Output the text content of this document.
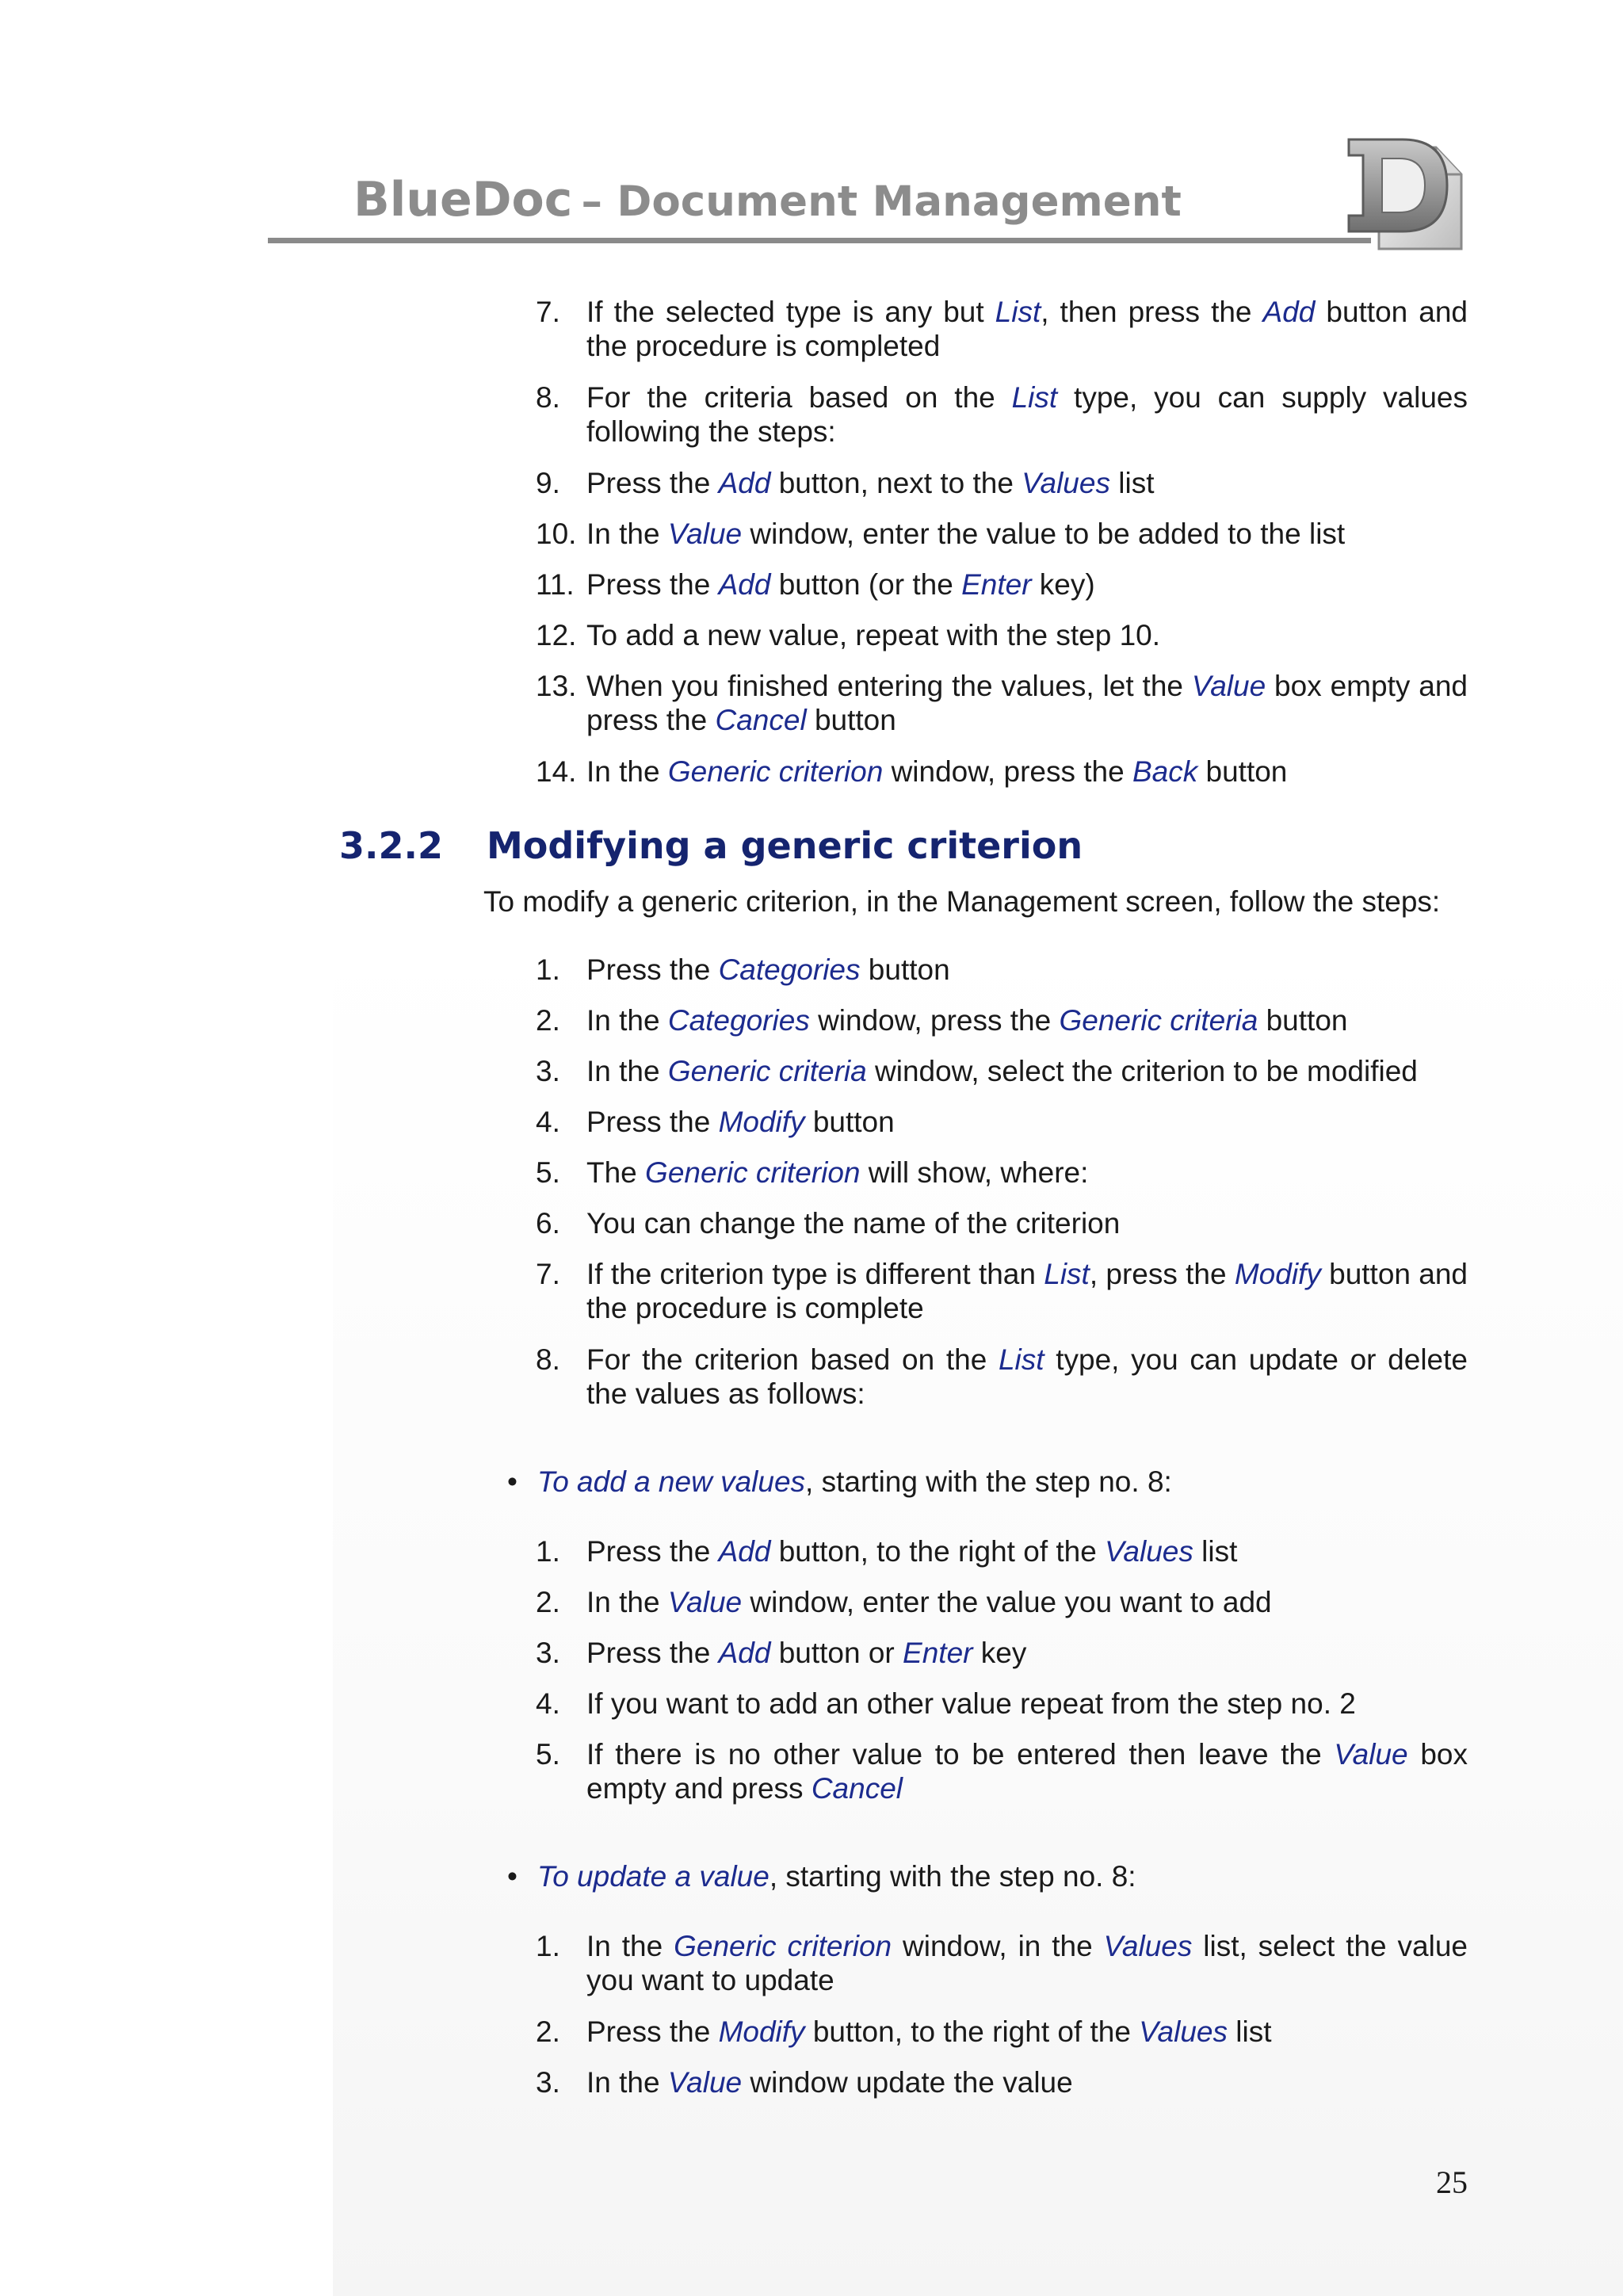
BlueDoc – Document Management
7. If the selected type is any but List, then press the Add button and the procedure is completed
8. For the criteria based on the List type, you can supply values following the steps:
9. Press the Add button, next to the Values list
10. In the Value window, enter the value to be added to the list
11. Press the Add button (or the Enter key)
12. To add a new value, repeat with the step 10.
13. When you finished entering the values, let the Value box empty and press the Cancel button
14. In the Generic criterion window, press the Back button
3.2.2 Modifying a generic criterion

To modify a generic criterion, in the Management screen, follow the steps:

1. Press the Categories button
2. In the Categories window, press the Generic criteria button
3. In the Generic criteria window, select the criterion to be modified
4. Press the Modify button
5. The Generic criterion will show, where:
6. You can change the name of the criterion
7. If the criterion type is different than List, press the Modify button and the procedure is complete
8. For the criterion based on the List type, you can update or delete the values as follows:
• To add a new values, starting with the step no. 8:
1. Press the Add button, to the right of the Values list
2. In the Value window, enter the value you want to add
3. Press the Add button or Enter key
4. If you want to add an other value repeat from the step no. 2
5. If there is no other value to be entered then leave the Value box empty and press Cancel
• To update a value, starting with the step no. 8:
1. In the Generic criterion window, in the Values list, select the value you want to update
2. Press the Modify button, to the right of the Values list
3. In the Value window update the value
25
